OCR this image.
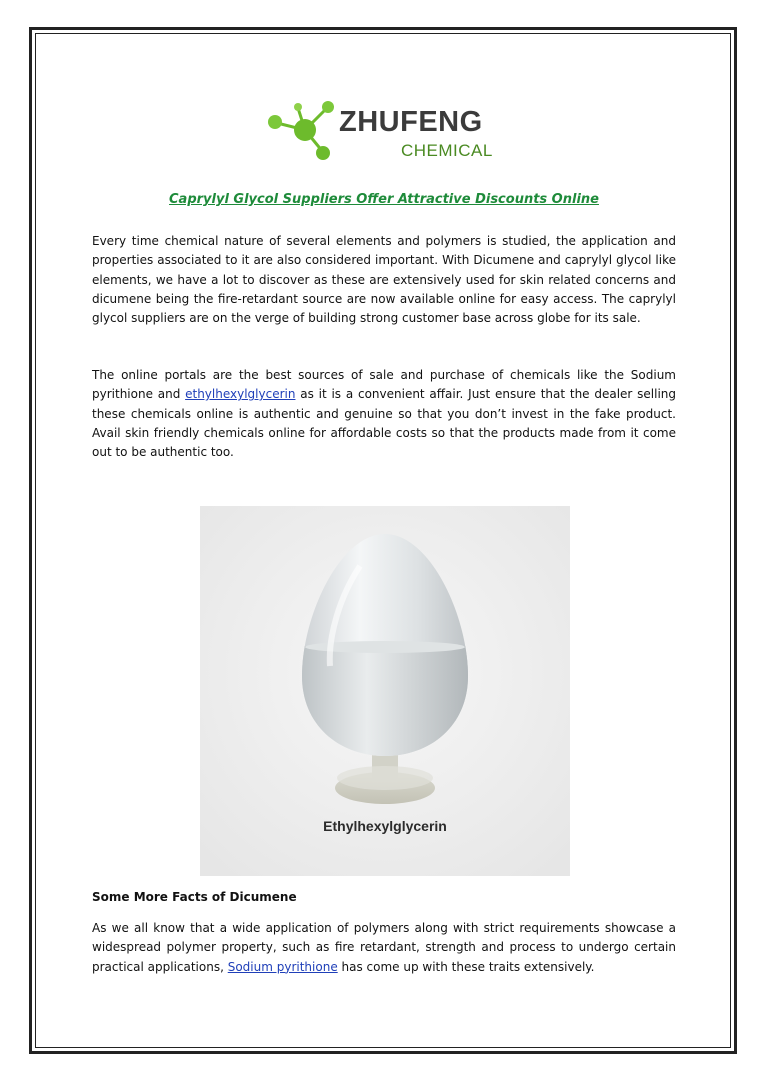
ZHUFENG
CHEMICAL
Caprylyl Glycol Suppliers Offer Attractive Discounts Online
Every time chemical nature of several elements and polymers is studied, the application and properties associated to it are also considered important. With Dicumene and caprylyl glycol like elements, we have a lot to discover as these are extensively used for skin related concerns and dicumene being the fire-retardant source are now available online for easy access. The caprylyl glycol suppliers are on the verge of building strong customer base across globe for its sale.
The online portals are the best sources of sale and purchase of chemicals like the Sodium pyrithione and ethylhexylglycerin as it is a convenient affair. Just ensure that the dealer selling these chemicals online is authentic and genuine so that you don’t invest in the fake product. Avail skin friendly chemicals online for affordable costs so that the products made from it come out to be authentic too.
Ethylhexylglycerin
Some More Facts of Dicumene
As we all know that a wide application of polymers along with strict requirements showcase a widespread polymer property, such as fire retardant, strength and process to undergo certain practical applications, Sodium pyrithione has come up with these traits extensively.
